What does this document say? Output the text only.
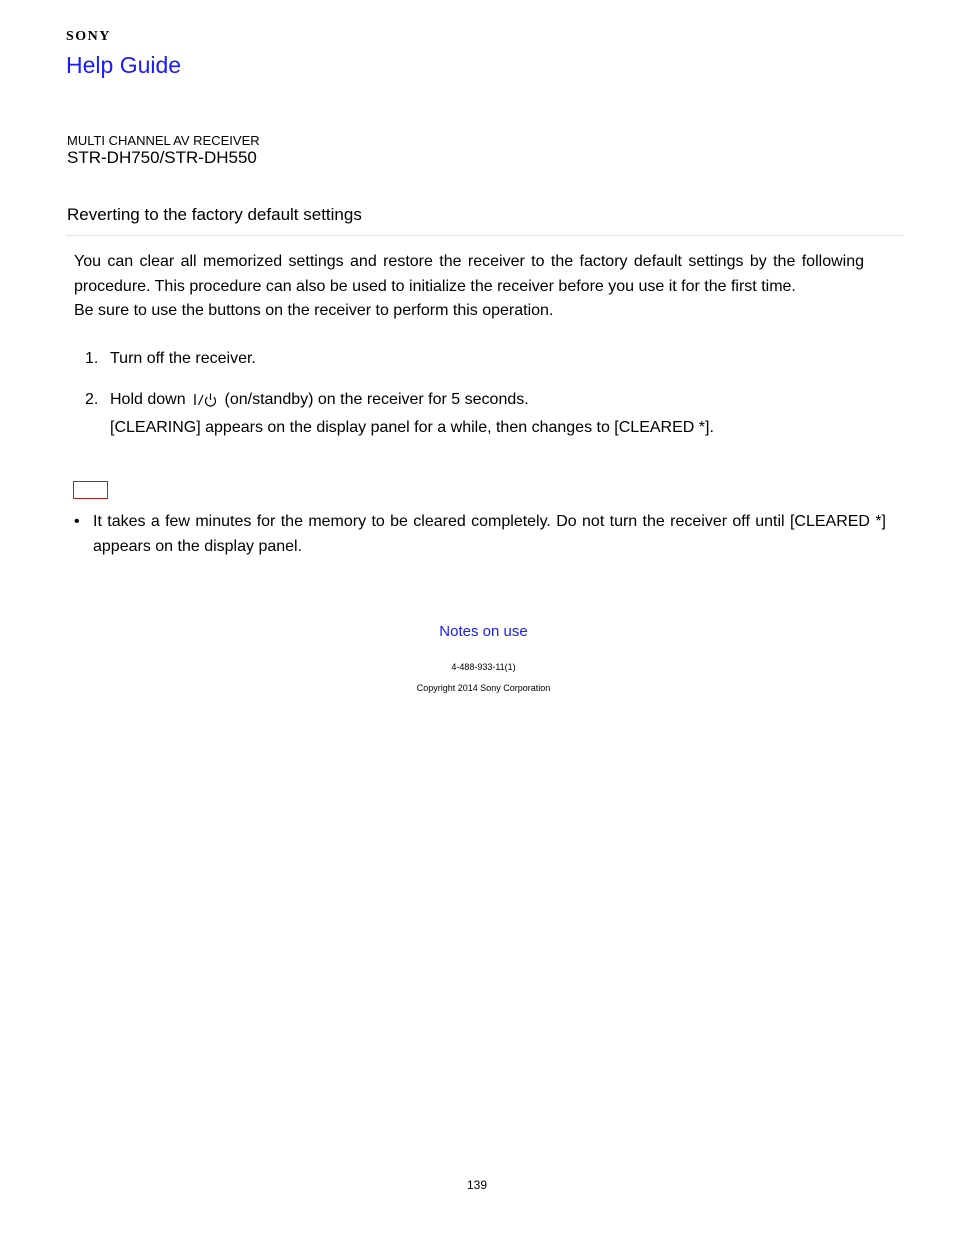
SONY
Help Guide
MULTI CHANNEL AV RECEIVER
STR-DH750/STR-DH550
Reverting to the factory default settings

You can clear all memorized settings and restore the receiver to the factory default settings by the following procedure. This procedure can also be used to initialize the receiver before you use it for the first time.

Be sure to use the buttons on the receiver to perform this operation.

1. Turn off the receiver.
2. Hold down (on/standby) on the receiver for 5 seconds.
[CLEARING] appears on the display panel for a while, then changes to [CLEARED *].
• It takes a few minutes for the memory to be cleared completely. Do not turn the receiver off until [CLEARED *] appears on the display panel.
Notes on use
4-488-933-11(1)
Copyright 2014 Sony Corporation
139
